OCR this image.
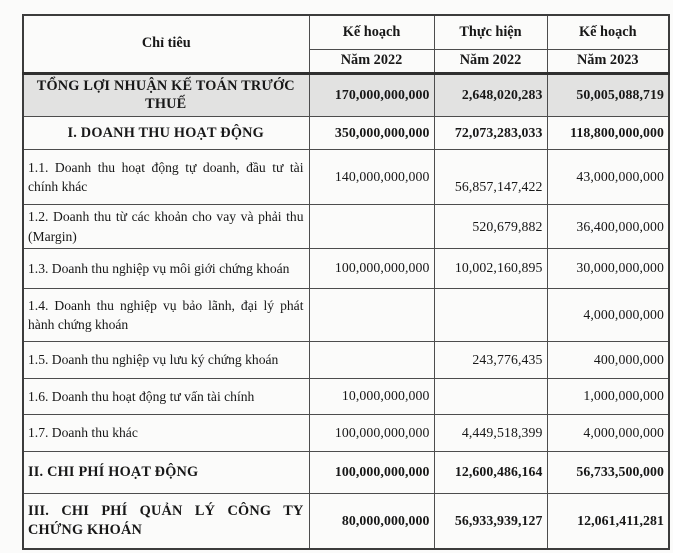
Chỉ tiêu	Kế hoạch	Thực hiện	Kế hoạch
	Năm 2022	Năm 2022	Năm 2023
TỔNG LỢI NHUẬN KẾ TOÁN TRƯỚC THUẾ	170,000,000,000	2,648,020,283	50,005,088,719
I. DOANH THU HOẠT ĐỘNG	350,000,000,000	72,073,283,033	118,800,000,000
1.1. Doanh thu hoạt động tự doanh, đầu tư tài chính khác	140,000,000,000	56,857,147,422	43,000,000,000
1.2. Doanh thu từ các khoản cho vay và phải thu (Margin)		520,679,882	36,400,000,000
1.3. Doanh thu nghiệp vụ môi giới chứng khoán	100,000,000,000	10,002,160,895	30,000,000,000
1.4. Doanh thu nghiệp vụ bảo lãnh, đại lý phát hành chứng khoán			4,000,000,000
1.5. Doanh thu nghiệp vụ lưu ký chứng khoán		243,776,435	400,000,000
1.6. Doanh thu hoạt động tư vấn tài chính	10,000,000,000		1,000,000,000
1.7. Doanh thu khác	100,000,000,000	4,449,518,399	4,000,000,000
II. CHI PHÍ HOẠT ĐỘNG	100,000,000,000	12,600,486,164	56,733,500,000
III. CHI PHÍ QUẢN LÝ CÔNG TY CHỨNG KHOÁN	80,000,000,000	56,933,939,127	12,061,411,281
